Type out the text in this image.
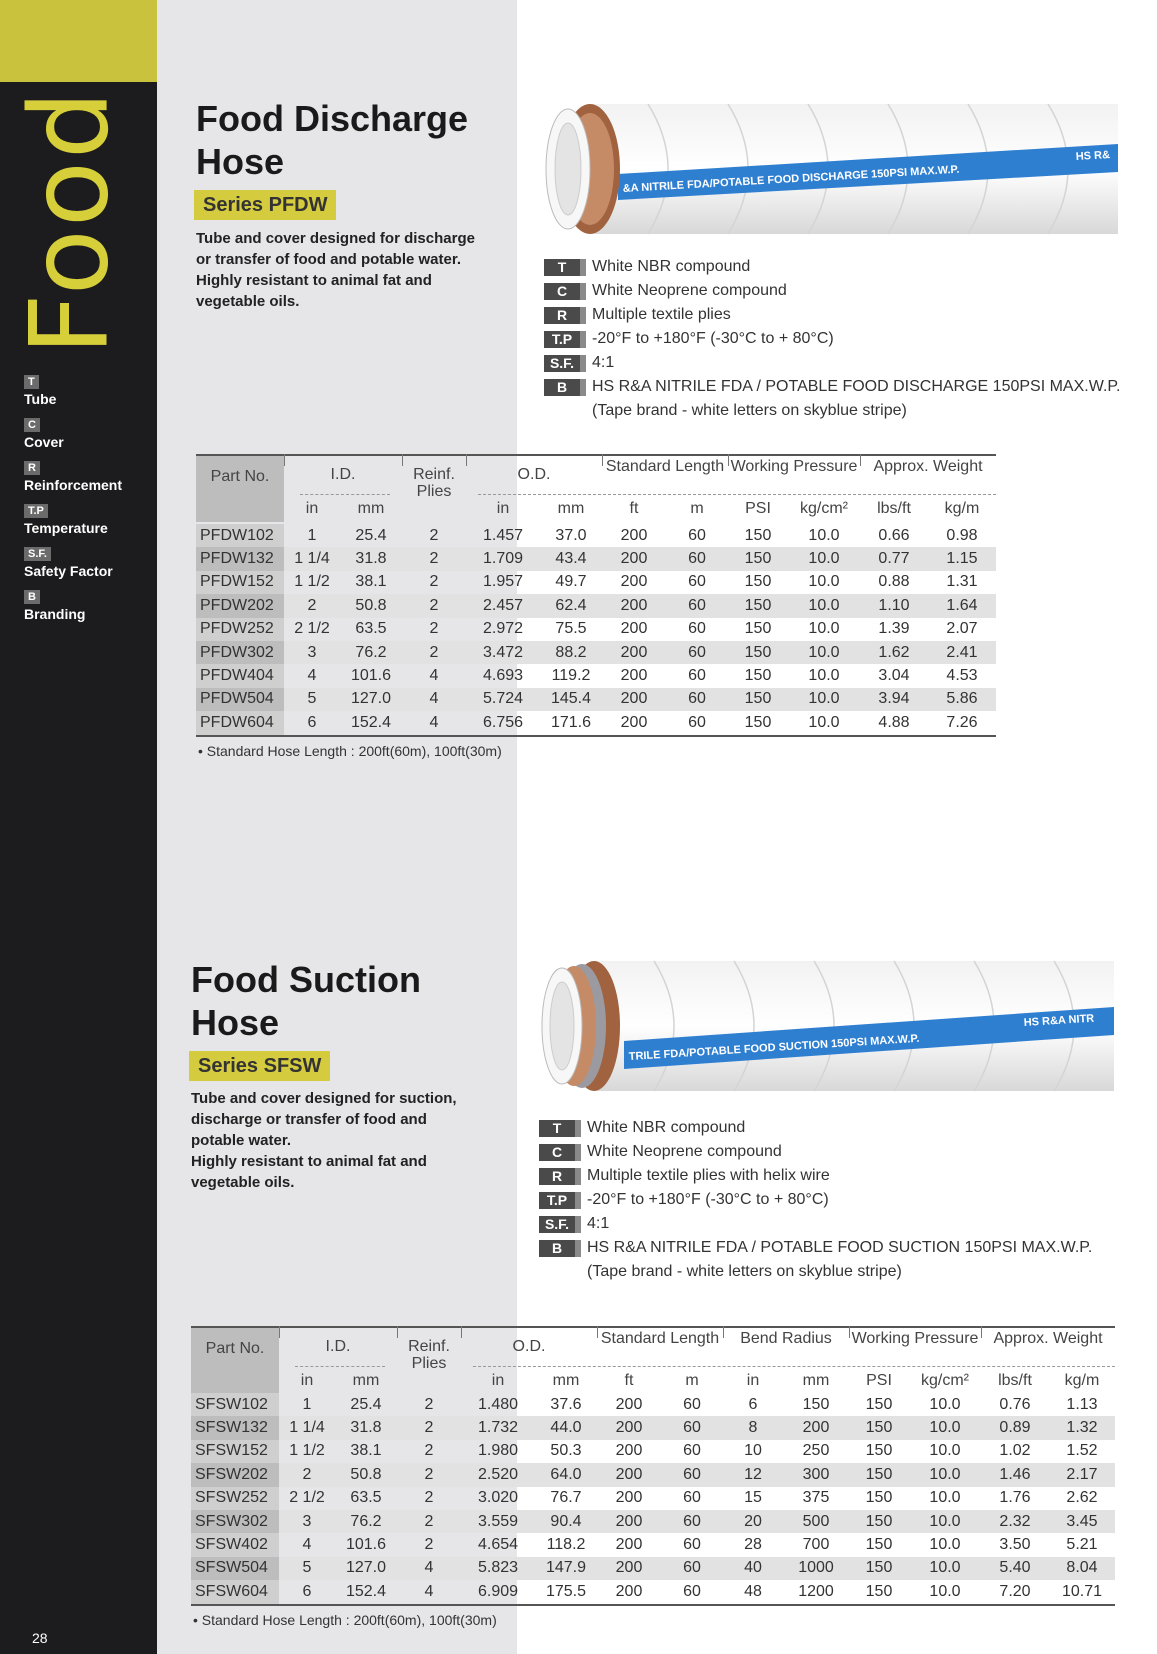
Food
T
Tube
C
Cover
R
Reinforcement
T.P
Temperature
S.F.
Safety Factor
B
Branding
28
Food Discharge Hose
Series PFDW
Tube and cover designed for discharge
or transfer of food and potable water.
Highly resistant to animal fat and
vegetable oils.
&A NITRILE FDA/POTABLE FOOD DISCHARGE 150PSI MAX.W.P.
HS R&
T	White NBR compound
C	White Neoprene compound
R	Multiple textile plies
T.P	-20°F to +180°F (-30°C to + 80°C)
S.F.	4:1
B	HS R&A NITRILE FDA / POTABLE FOOD DISCHARGE 150PSI MAX.W.P.
(Tape brand - white letters on skyblue stripe)
Part No.	I.D.	Reinf. Plies
O.D.	Standard Length Working Pressure	Approx. Weight
in	mm	in	mm	ft	m	PSI	kg/cm²	lbs/ft	kg/m
PFDW102	1	25.4	2	1.457	37.0	200	60	150	10.0	0.66	0.98
PFDW132	1 1/4	31.8	2	1.709	43.4	200	60	150	10.0	0.77	1.15
PFDW152	1 1/2	38.1	2	1.957	49.7	200	60	150	10.0	0.88	1.31
PFDW202	2	50.8	2	2.457	62.4	200	60	150	10.0	1.10	1.64
PFDW252	2 1/2	63.5	2	2.972	75.5	200	60	150	10.0	1.39	2.07
PFDW302	3	76.2	2	3.472	88.2	200	60	150	10.0	1.62	2.41
PFDW404	4	101.6	4	4.693	119.2	200	60	150	10.0	3.04	4.53
PFDW504	5	127.0	4	5.724	145.4	200	60	150	10.0	3.94	5.86
PFDW604	6	152.4	4	6.756	171.6	200	60	150	10.0	4.88	7.26
• Standard Hose Length : 200ft(60m), 100ft(30m)
Food Suction Hose
Series SFSW
Tube and cover designed for suction,
discharge or transfer of food and
potable water.
Highly resistant to animal fat and
vegetable oils.
TRILE FDA/POTABLE FOOD SUCTION 150PSI MAX.W.P.
HS R&A NITR
T	White NBR compound
C	White Neoprene compound
R	Multiple textile plies with helix wire
T.P	-20°F to +180°F (-30°C to + 80°C)
S.F.	4:1
B	HS R&A NITRILE FDA / POTABLE FOOD SUCTION 150PSI MAX.W.P.
(Tape brand - white letters on skyblue stripe)
Part No.	I.D.	Reinf. Plies
O.D.	Standard Length	Bend Radius	Working Pressure Approx. Weight
in	mm	in	mm	ft	m	in	mm	PSI	kg/cm²	lbs/ft	kg/m
SFSW102	1	25.4	2	1.480	37.6	200	60	6	150	150	10.0	0.76	1.13
SFSW132	1 1/4	31.8	2	1.732	44.0	200	60	8	200	150	10.0	0.89	1.32
SFSW152	1 1/2	38.1	2	1.980	50.3	200	60	10	250	150	10.0	1.02	1.52
SFSW202	2	50.8	2	2.520	64.0	200	60	12	300	150	10.0	1.46	2.17
SFSW252	2 1/2	63.5	2	3.020	76.7	200	60	15	375	150	10.0	1.76	2.62
SFSW302	3	76.2	2	3.559	90.4	200	60	20	500	150	10.0	2.32	3.45
SFSW402	4	101.6	2	4.654	118.2	200	60	28	700	150	10.0	3.50	5.21
SFSW504	5	127.0	4	5.823	147.9	200	60	40	1000	150	10.0	5.40	8.04
SFSW604	6	152.4	4	6.909	175.5	200	60	48	1200	150	10.0	7.20	10.71
• Standard Hose Length : 200ft(60m), 100ft(30m)
